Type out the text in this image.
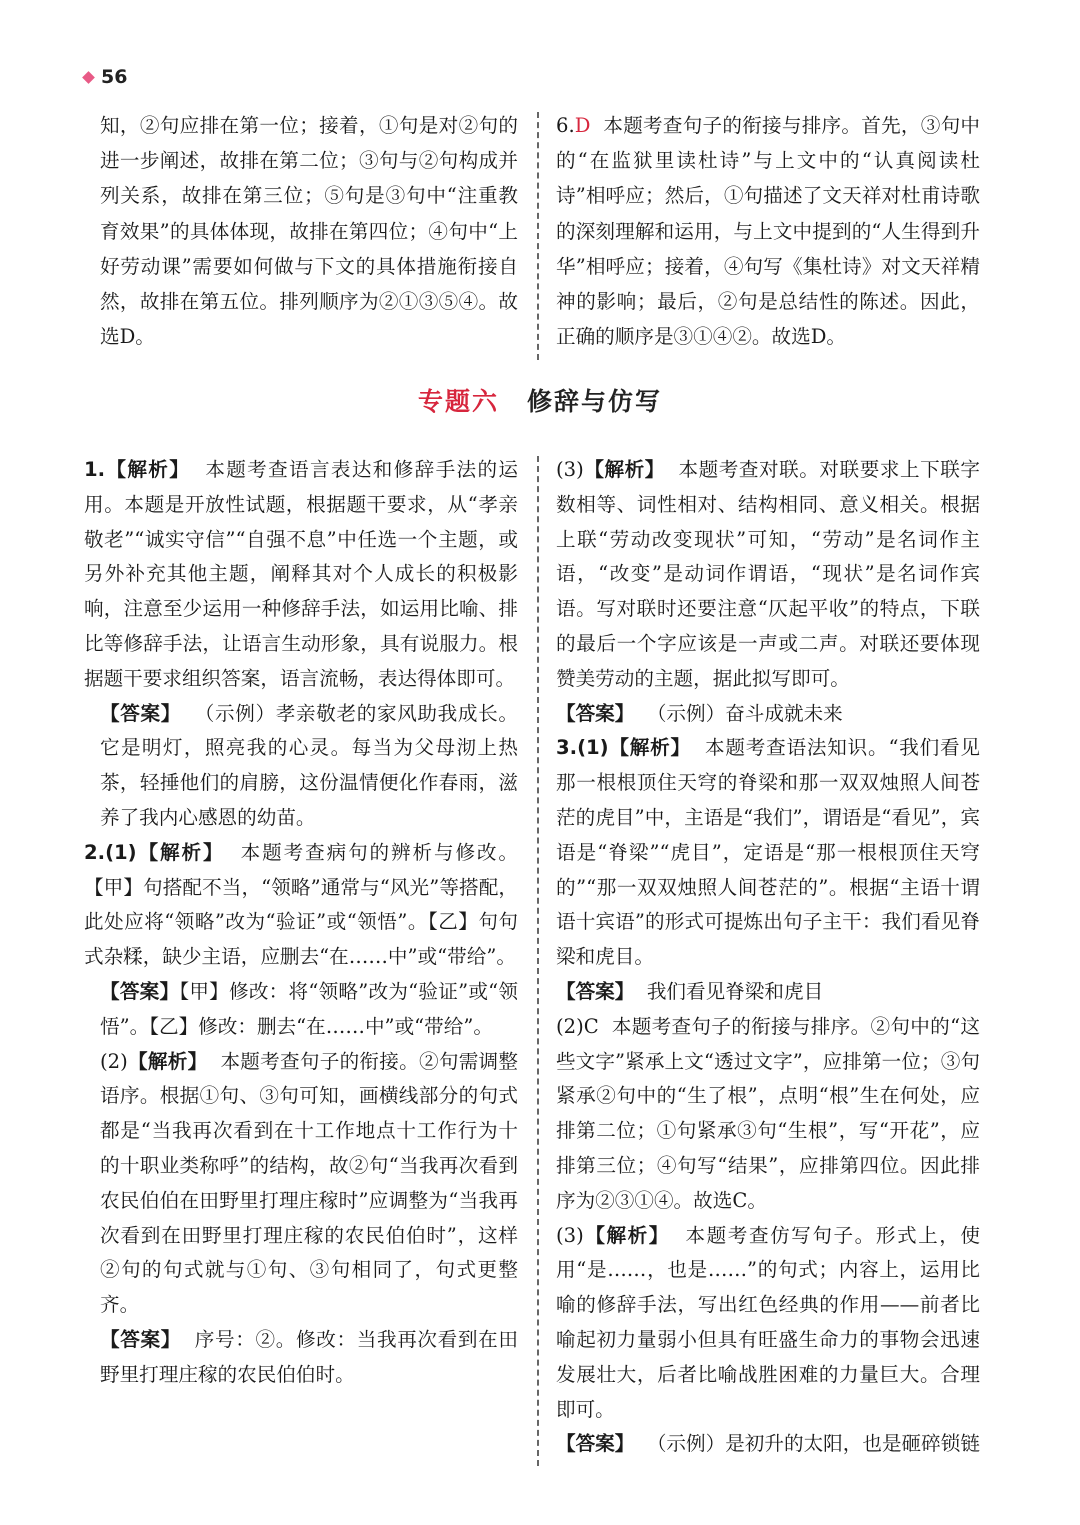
56

知，②句应排在第一位；接着，①句是对②句的进一步阐述，故排在第二位；③句与②句构成并列关系，故排在第三位；⑤句是③句中“注重教育效果”的具体体现，故排在第四位；④句中“上好劳动课”需要如何做与下文的具体措施衔接自然，故排在第五位。排列顺序为②①③⑤④。故选D。

6.D 本题考查句子的衔接与排序。首先，③句中的“在监狱里读杜诗”与上文中的“认真阅读杜诗”相呼应；然后，①句描述了文天祥对杜甫诗歌的深刻理解和运用，与上文中提到的“人生得到升华”相呼应；接着，④句写《集杜诗》对文天祥精神的影响；最后，②句是总结性的陈述。因此，正确的顺序是③①④②。故选D。

专题六 修辞与仿写

1.【解析】 本题考查语言表达和修辞手法的运用。本题是开放性试题，根据题干要求，从“孝亲敬老”“诚实守信”“自强不息”中任选一个主题，或另外补充其他主题，阐释其对个人成长的积极影响，注意至少运用一种修辞手法，如运用比喻、排比等修辞手法，让语言生动形象，具有说服力。根据题干要求组织答案，语言流畅，表达得体即可。

【答案】 （示例）孝亲敬老的家风助我成长。它是明灯，照亮我的心灵。每当为父母沏上热茶，轻捶他们的肩膀，这份温情便化作春雨，滋养了我内心感恩的幼苗。

2.(1)【解析】 本题考查病句的辨析与修改。【甲】句搭配不当，“领略”通常与“风光”等搭配，此处应将“领略”改为“验证”或“领悟”。【乙】句句式杂糅，缺少主语，应删去“在……中”或“带给”。

【答案】【甲】修改：将“领略”改为“验证”或“领悟”。【乙】修改：删去“在……中”或“带给”。

(2)【解析】 本题考查句子的衔接。②句需调整语序。根据①句、③句可知，画横线部分的句式都是“当我再次看到在十工作地点十工作行为十的十职业类称呼”的结构，故②句“当我再次看到农民伯伯在田野里打理庄稼时”应调整为“当我再次看到在田野里打理庄稼的农民伯伯时”，这样②句的句式就与①句、③句相同了，句式更整齐。

【答案】 序号：②。修改：当我再次看到在田野里打理庄稼的农民伯伯时。

(3)【解析】 本题考查对联。对联要求上下联字数相等、词性相对、结构相同、意义相关。根据上联“劳动改变现状”可知，“劳动”是名词作主语，“改变”是动词作谓语，“现状”是名词作宾语。写对联时还要注意“仄起平收”的特点，下联的最后一个字应该是一声或二声。对联还要体现赞美劳动的主题，据此拟写即可。

【答案】 （示例）奋斗成就未来

3.(1)【解析】 本题考查语法知识。“我们看见那一根根顶住天穹的脊梁和那一双双烛照人间苍茫的虎目”中，主语是“我们”，谓语是“看见”，宾语是“脊梁”“虎目”，定语是“那一根根顶住天穹的”“那一双双烛照人间苍茫的”。根据“主语十谓语十宾语”的形式可提炼出句子主干：我们看见脊梁和虎目。

【答案】 我们看见脊梁和虎目

(2)C 本题考查句子的衔接与排序。②句中的“这些文字”紧承上文“透过文字”，应排第一位；③句紧承②句中的“生了根”，点明“根”生在何处，应排第二位；①句紧承③句“生根”，写“开花”，应排第三位；④句写“结果”，应排第四位。因此排序为②③①④。故选C。

(3)【解析】 本题考查仿写句子。形式上，使用“是……，也是……”的句式；内容上，运用比喻的修辞手法，写出红色经典的作用——前者比喻起初力量弱小但具有旺盛生命力的事物会迅速发展壮大，后者比喻战胜困难的力量巨大。合理即可。

【答案】 （示例）是初升的太阳，也是砸碎锁链
